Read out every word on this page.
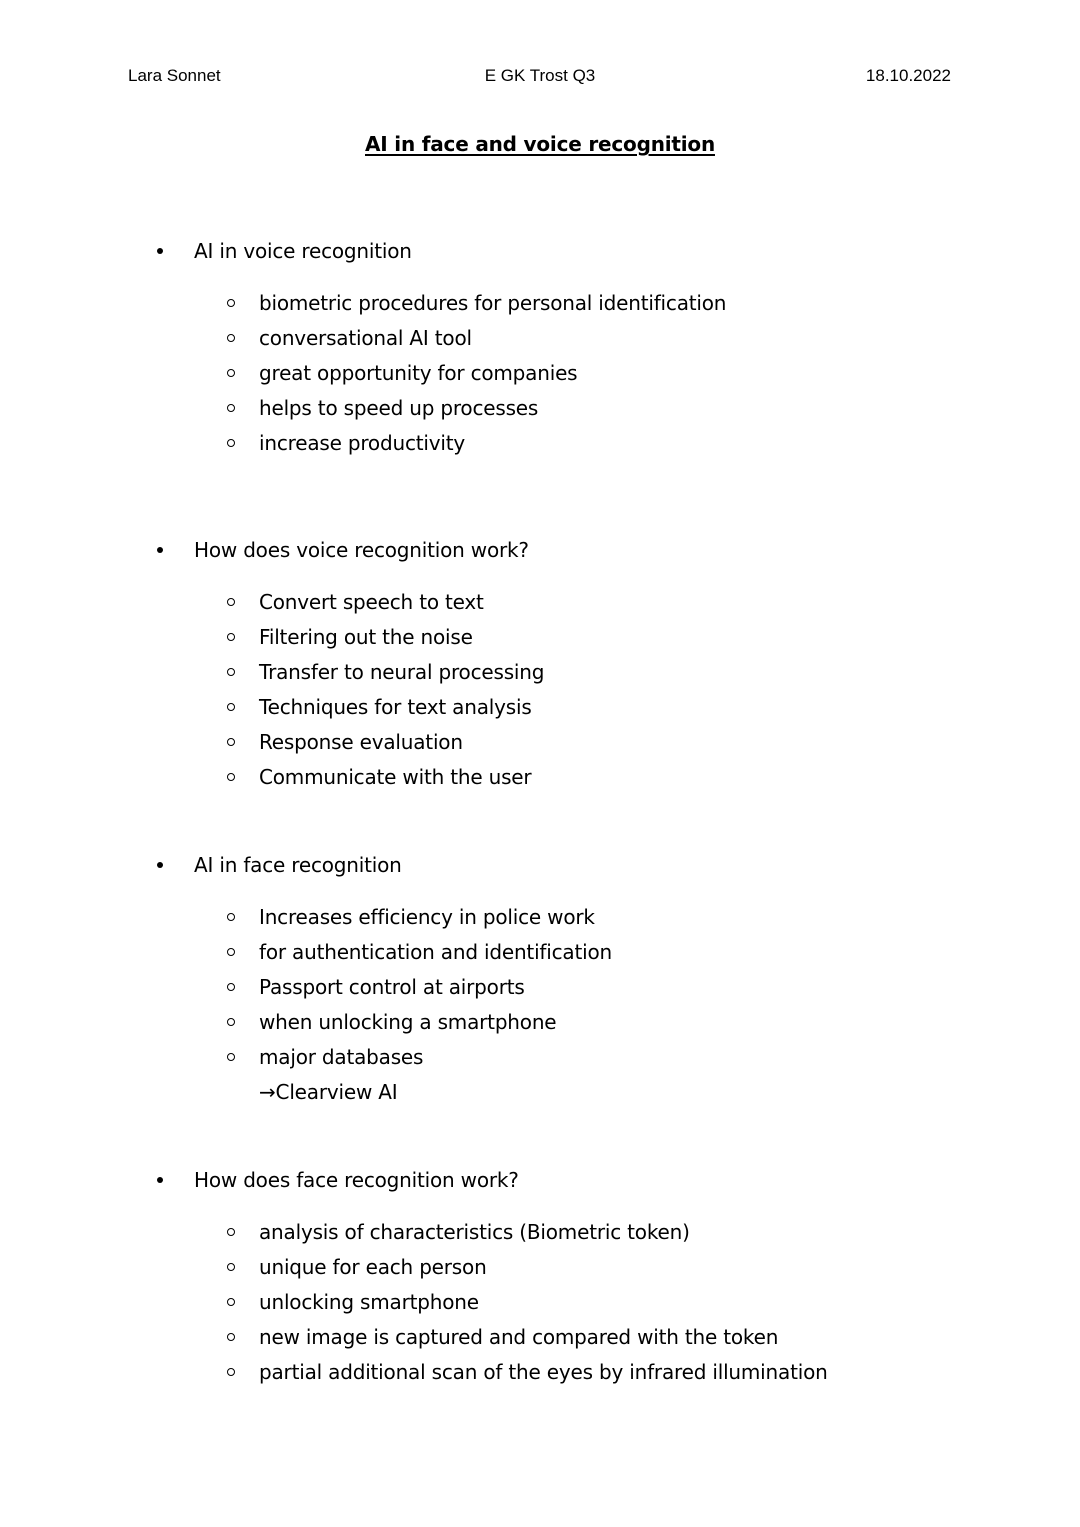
Lara Sonnet	E GK Trost Q3	18.10.2022
AI in face and voice recognition
AI in voice recognition
biometric procedures for personal identification
conversational AI tool
great opportunity for companies
helps to speed up processes
increase productivity
How does voice recognition work?
Convert speech to text
Filtering out the noise
Transfer to neural processing
Techniques for text analysis
Response evaluation
Communicate with the user
AI in face recognition
Increases efficiency in police work
for authentication and identification
Passport control at airports
when unlocking a smartphone
major databases
→Clearview AI
How does face recognition work?
analysis of characteristics (Biometric token)
unique for each person
unlocking smartphone
new image is captured and compared with the token
partial additional scan of the eyes by infrared illumination
